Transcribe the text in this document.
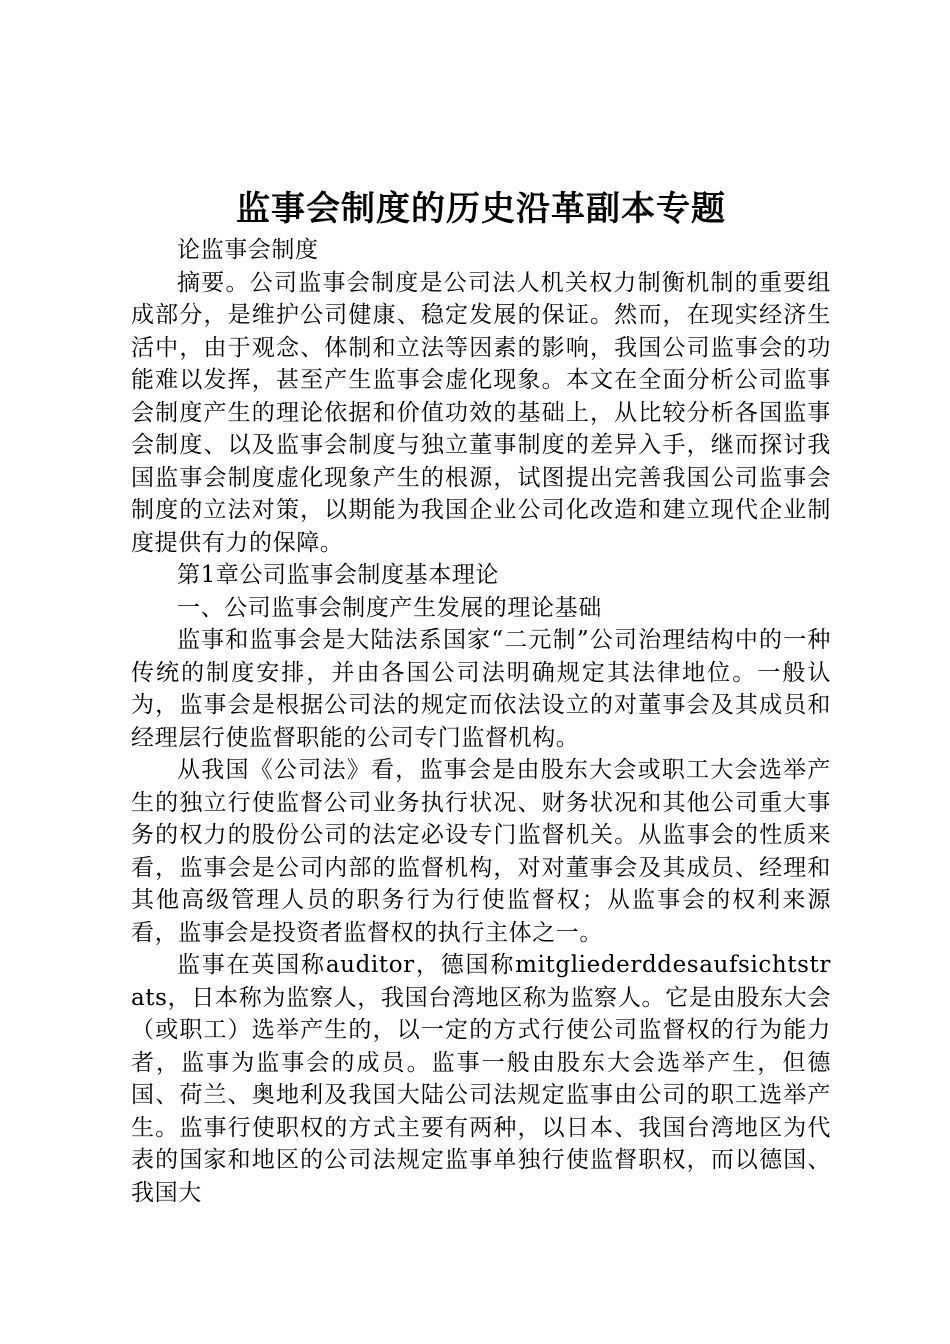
监事会制度的历史沿革副本专题

论监事会制度

摘要。公司监事会制度是公司法人机关权力制衡机制的重要组成部分，是维护公司健康、稳定发展的保证。然而，在现实经济生活中，由于观念、体制和立法等因素的影响，我国公司监事会的功能难以发挥，甚至产生监事会虚化现象。本文在全面分析公司监事会制度产生的理论依据和价值功效的基础上，从比较分析各国监事会制度、以及监事会制度与独立董事制度的差异入手，继而探讨我国监事会制度虚化现象产生的根源，试图提出完善我国公司监事会制度的立法对策，以期能为我国企业公司化改造和建立现代企业制度提供有力的保障。

第1章公司监事会制度基本理论

一、公司监事会制度产生发展的理论基础

监事和监事会是大陆法系国家“二元制”公司治理结构中的一种传统的制度安排，并由各国公司法明确规定其法律地位。一般认为，监事会是根据公司法的规定而依法设立的对董事会及其成员和经理层行使监督职能的公司专门监督机构。

从我国《公司法》看，监事会是由股东大会或职工大会选举产生的独立行使监督公司业务执行状况、财务状况和其他公司重大事务的权力的股份公司的法定必设专门监督机关。从监事会的性质来看，监事会是公司内部的监督机构，对对董事会及其成员、经理和其他高级管理人员的职务行为行使监督权；从监事会的权利来源看，监事会是投资者监督权的执行主体之一。

监事在英国称auditor，德国称mitgliederddesaufsichtstrats，日本称为监察人，我国台湾地区称为监察人。它是由股东大会（或职工）选举产生的，以一定的方式行使公司监督权的行为能力者，监事为监事会的成员。监事一般由股东大会选举产生，但德国、荷兰、奥地利及我国大陆公司法规定监事由公司的职工选举产生。监事行使职权的方式主要有两种，以日本、我国台湾地区为代表的国家和地区的公司法规定监事单独行使监督职权，而以德国、我国大
